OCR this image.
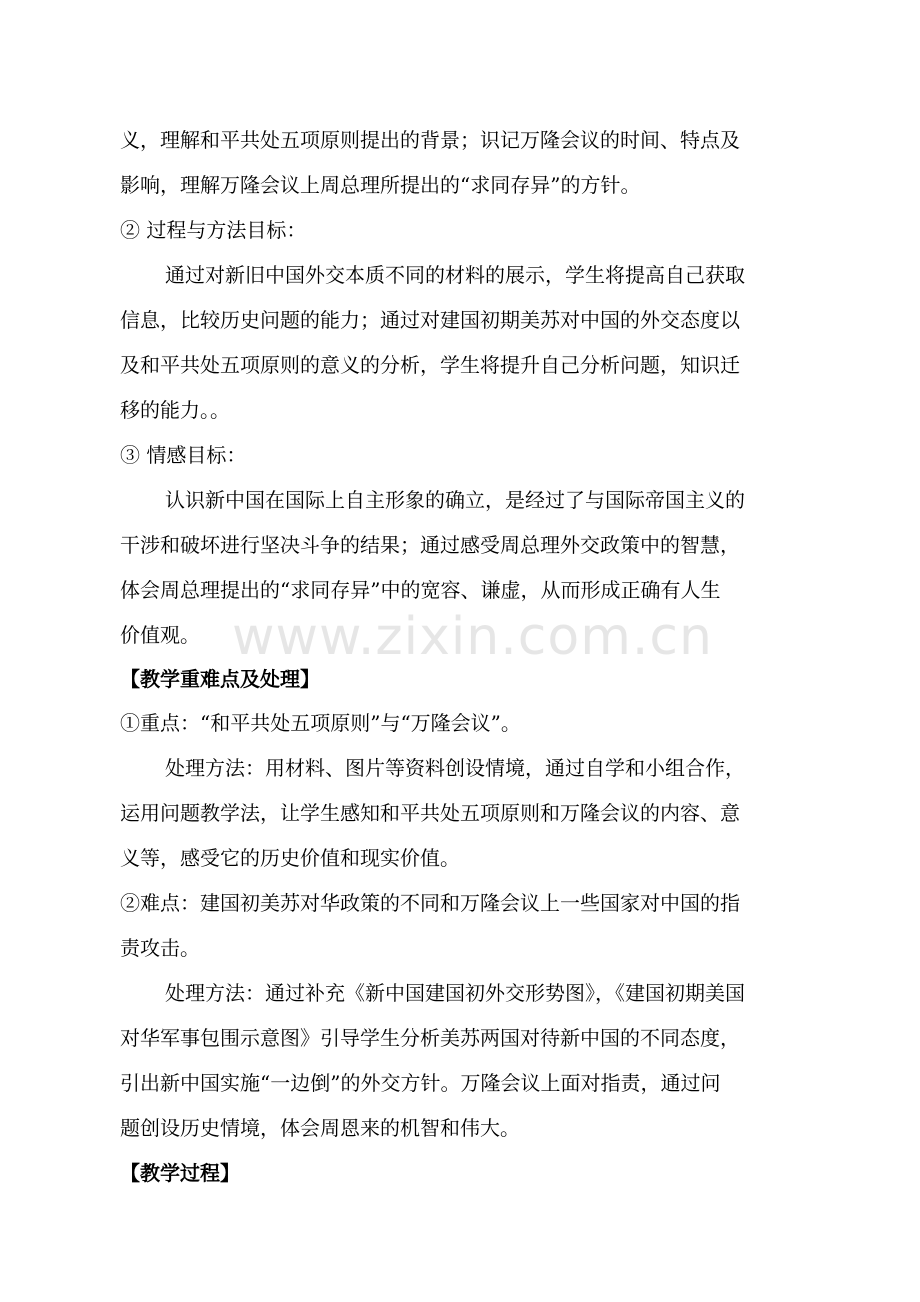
义，理解和平共处五项原则提出的背景；识记万隆会议的时间、特点及
影响，理解万隆会议上周总理所提出的“求同存异”的方针。
② 过程与方法目标：
通过对新旧中国外交本质不同的材料的展示，学生将提高自己获取
信息，比较历史问题的能力；通过对建国初期美苏对中国的外交态度以
及和平共处五项原则的意义的分析，学生将提升自己分析问题，知识迁
移的能力。。
③ 情感目标：
认识新中国在国际上自主形象的确立，是经过了与国际帝国主义的
干涉和破坏进行坚决斗争的结果；通过感受周总理外交政策中的智慧，
体会周总理提出的“求同存异”中的宽容、谦虚，从而形成正确有人生
价值观。 www.zixin.com.cn
【教学重难点及处理】
①重点：“和平共处五项原则”与“万隆会议”。
处理方法：用材料、图片等资料创设情境，通过自学和小组合作，
运用问题教学法，让学生感知和平共处五项原则和万隆会议的内容、意
义等，感受它的历史价值和现实价值。
②难点：建国初美苏对华政策的不同和万隆会议上一些国家对中国的指
责攻击。
处理方法：通过补充《新中国建国初外交形势图》，《建国初期美国
对华军事包围示意图》引导学生分析美苏两国对待新中国的不同态度，
引出新中国实施“一边倒”的外交方针。万隆会议上面对指责，通过问
题创设历史情境，体会周恩来的机智和伟大。
【教学过程】
